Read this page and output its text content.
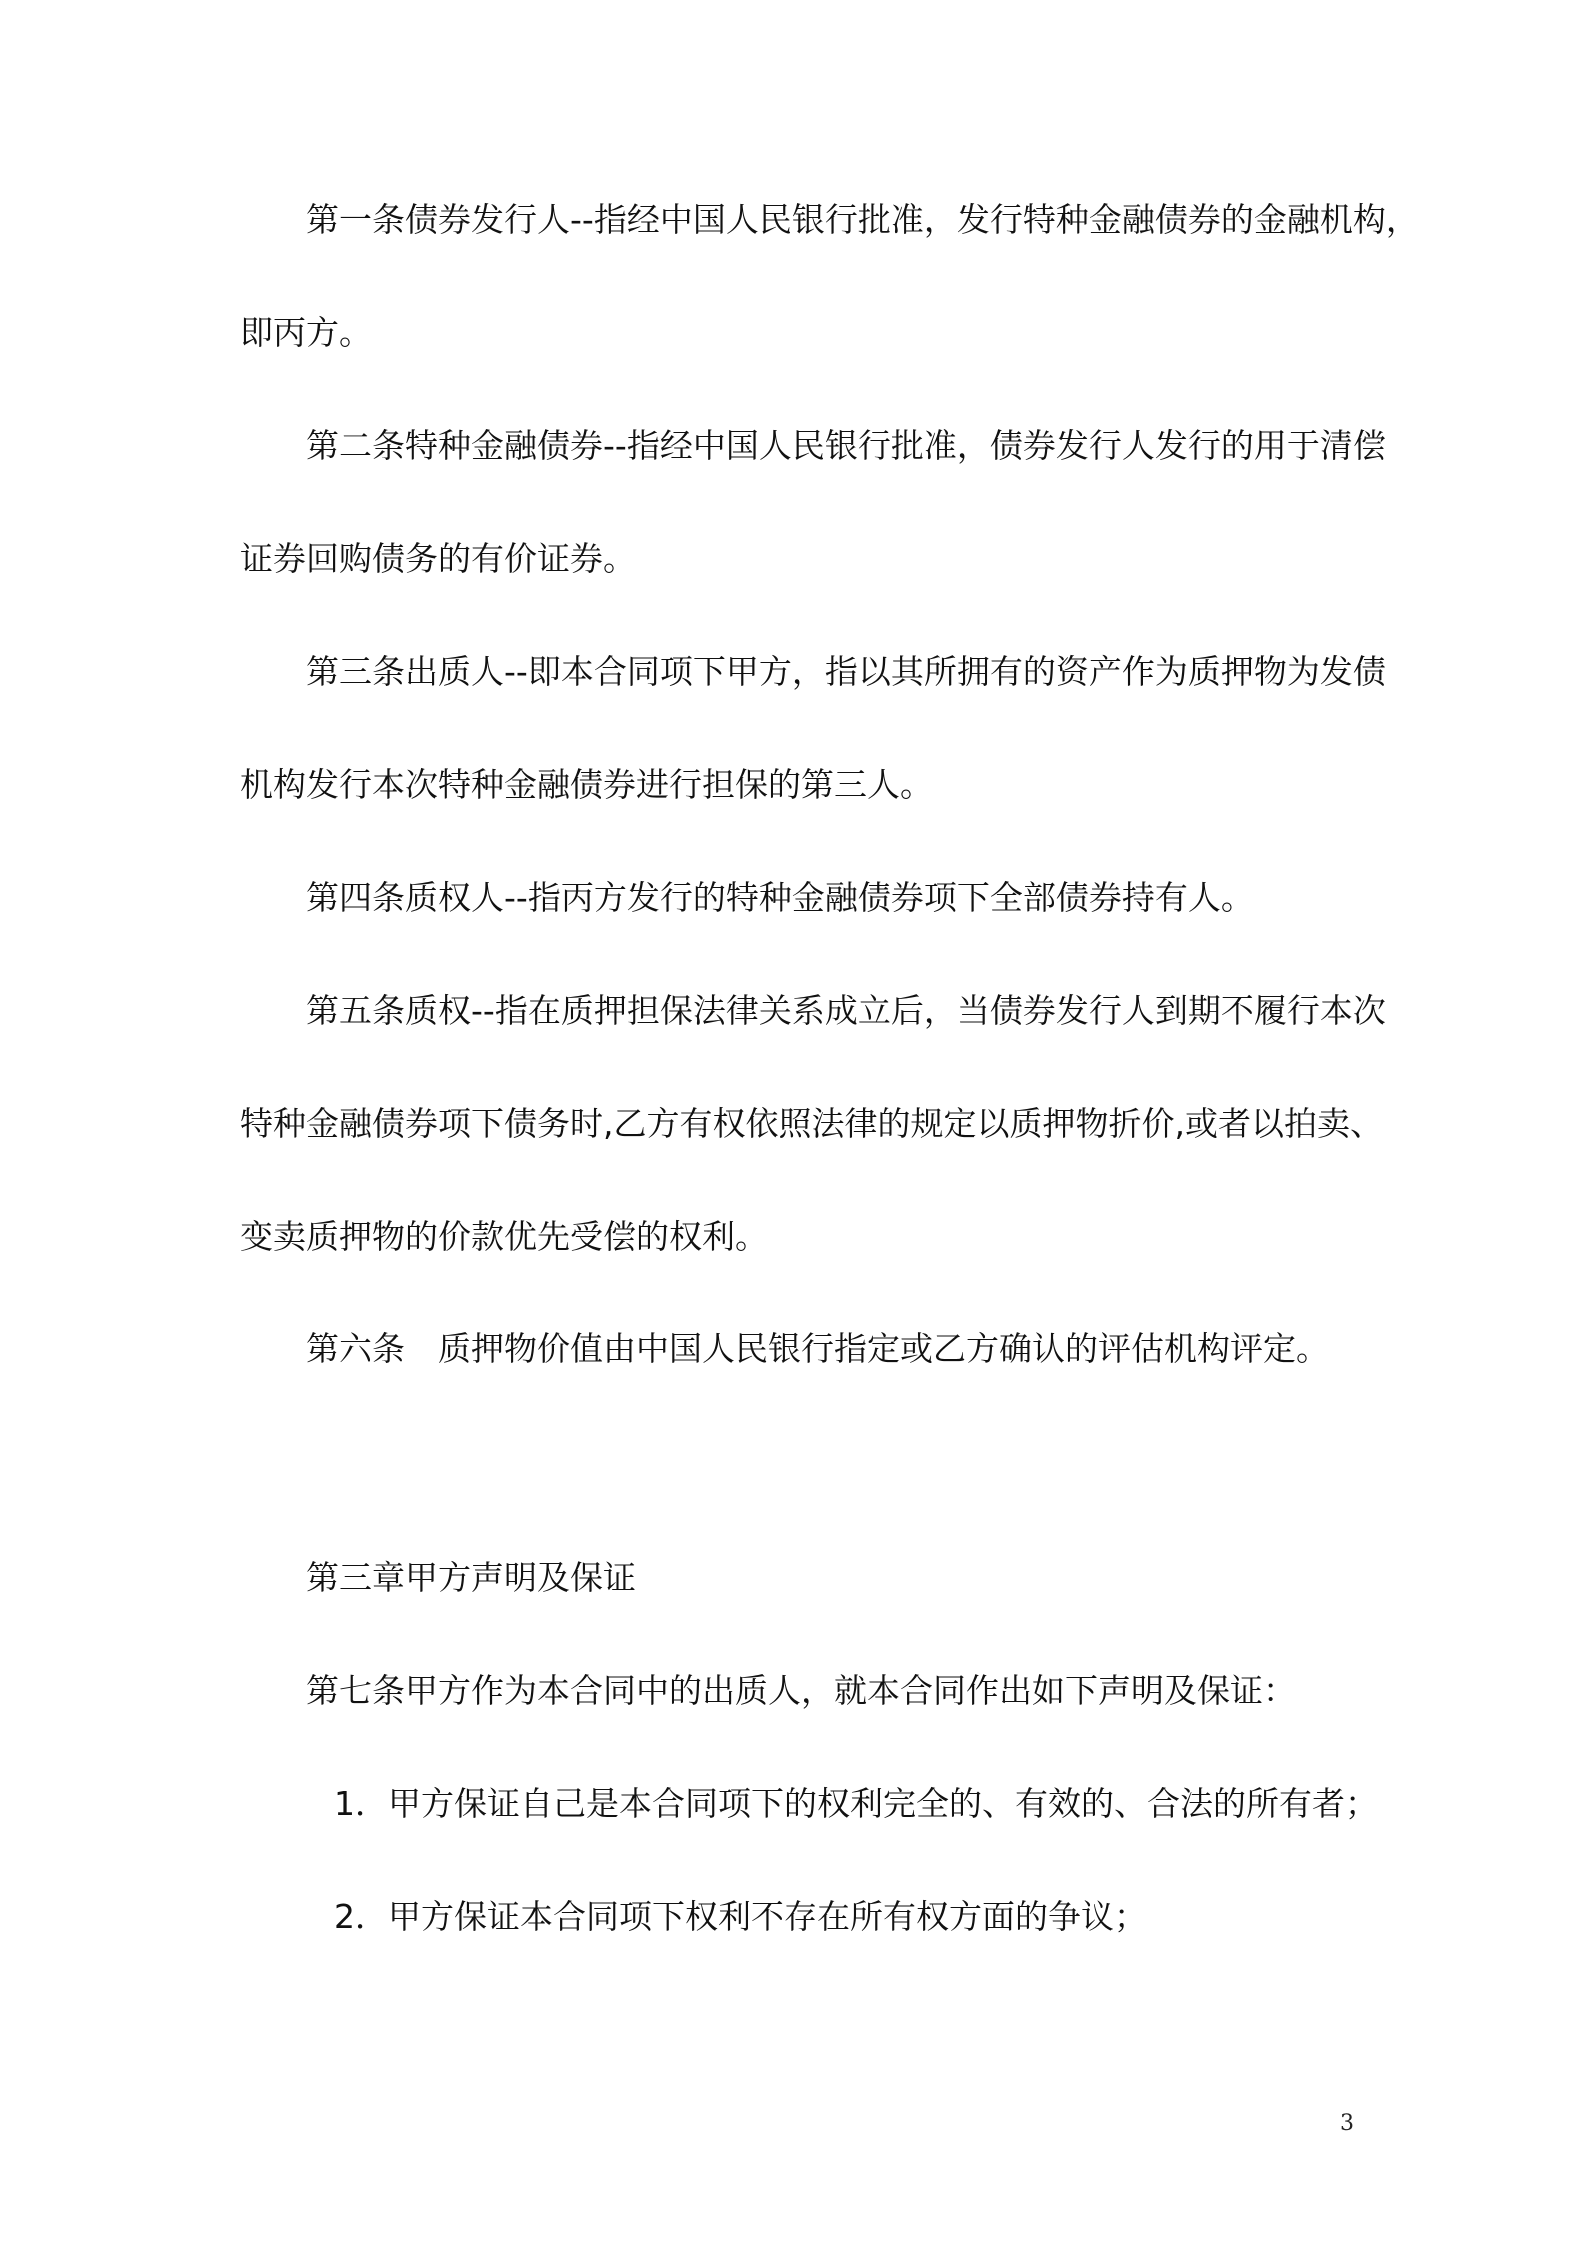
第一条债券发行人--指经中国人民银行批准，发行特种金融债券的金融机构，
即丙方。
第二条特种金融债券--指经中国人民银行批准，债券发行人发行的用于清偿
证券回购债务的有价证券。
第三条出质人--即本合同项下甲方，指以其所拥有的资产作为质押物为发债
机构发行本次特种金融债券进行担保的第三人。
第四条质权人--指丙方发行的特种金融债券项下全部债券持有人。
第五条质权--指在质押担保法律关系成立后，当债券发行人到期不履行本次
特种金融债券项下债务时,乙方有权依照法律的规定以质押物折价,或者以拍卖、
变卖质押物的价款优先受偿的权利。
第六条　质押物价值由中国人民银行指定或乙方确认的评估机构评定。
第三章甲方声明及保证
第七条甲方作为本合同中的出质人，就本合同作出如下声明及保证：
1．甲方保证自己是本合同项下的权利完全的、有效的、合法的所有者；
2．甲方保证本合同项下权利不存在所有权方面的争议；
3
